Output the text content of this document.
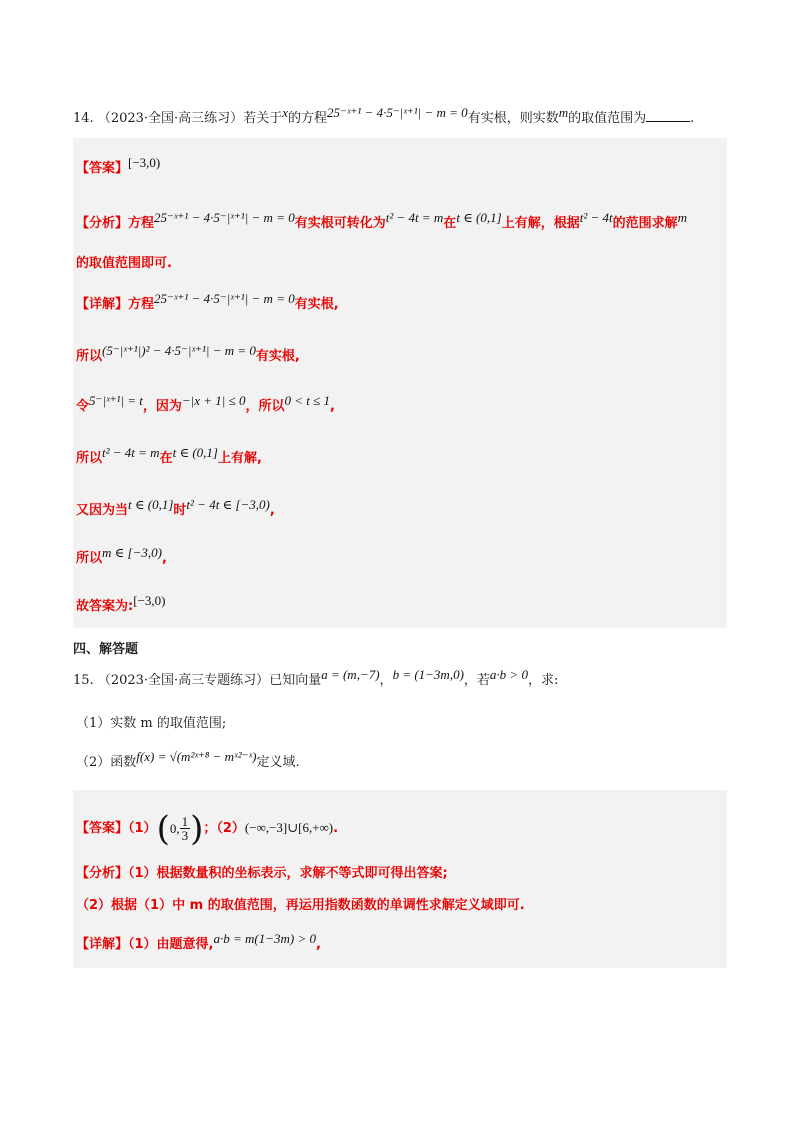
14. （2023·全国·高三练习）若关于x的方程25⁻ˣ⁺¹ − 4·5⁻|ˣ⁺¹| − m = 0有实根，则实数m的取值范围为	.
【答案】[−3,0)
【分析】方程25⁻ˣ⁺¹ − 4·5⁻|ˣ⁺¹| − m = 0有实根可转化为t² − 4t = m在t ∈ (0,1]上有解，根据t² − 4t的范围求解m
的取值范围即可.
【详解】方程25⁻ˣ⁺¹ − 4·5⁻|ˣ⁺¹| − m = 0有实根,
所以(5⁻|ˣ⁺¹|)² − 4·5⁻|ˣ⁺¹| − m = 0有实根,
令5⁻|ˣ⁺¹| = t，因为−|x + 1| ≤ 0，所以0 < t ≤ 1,
所以t² − 4t = m在t ∈ (0,1]上有解,
又因为当t ∈ (0,1]时t² − 4t ∈ [−3,0),
所以m ∈ [−3,0),
故答案为:[−3,0)
四、解答题
15. （2023·全国·高三专题练习）已知向量a = (m,−7)，b = (1−3m,0)，若a·b > 0，求:
（1）实数 m 的取值范围;
（2）函数f(x) = √(m²ˣ⁺⁸ − mˣ²⁻ˣ)定义域.
【答案】（1）(0, $\frac{1}{3}$ )；（2）(−∞,−3]∪[6,+∞).
【分析】（1）根据数量积的坐标表示，求解不等式即可得出答案;
（2）根据（1）中 m 的取值范围，再运用指数函数的单调性求解定义域即可.
【详解】（1）由题意得,a·b = m(1−3m) > 0,
